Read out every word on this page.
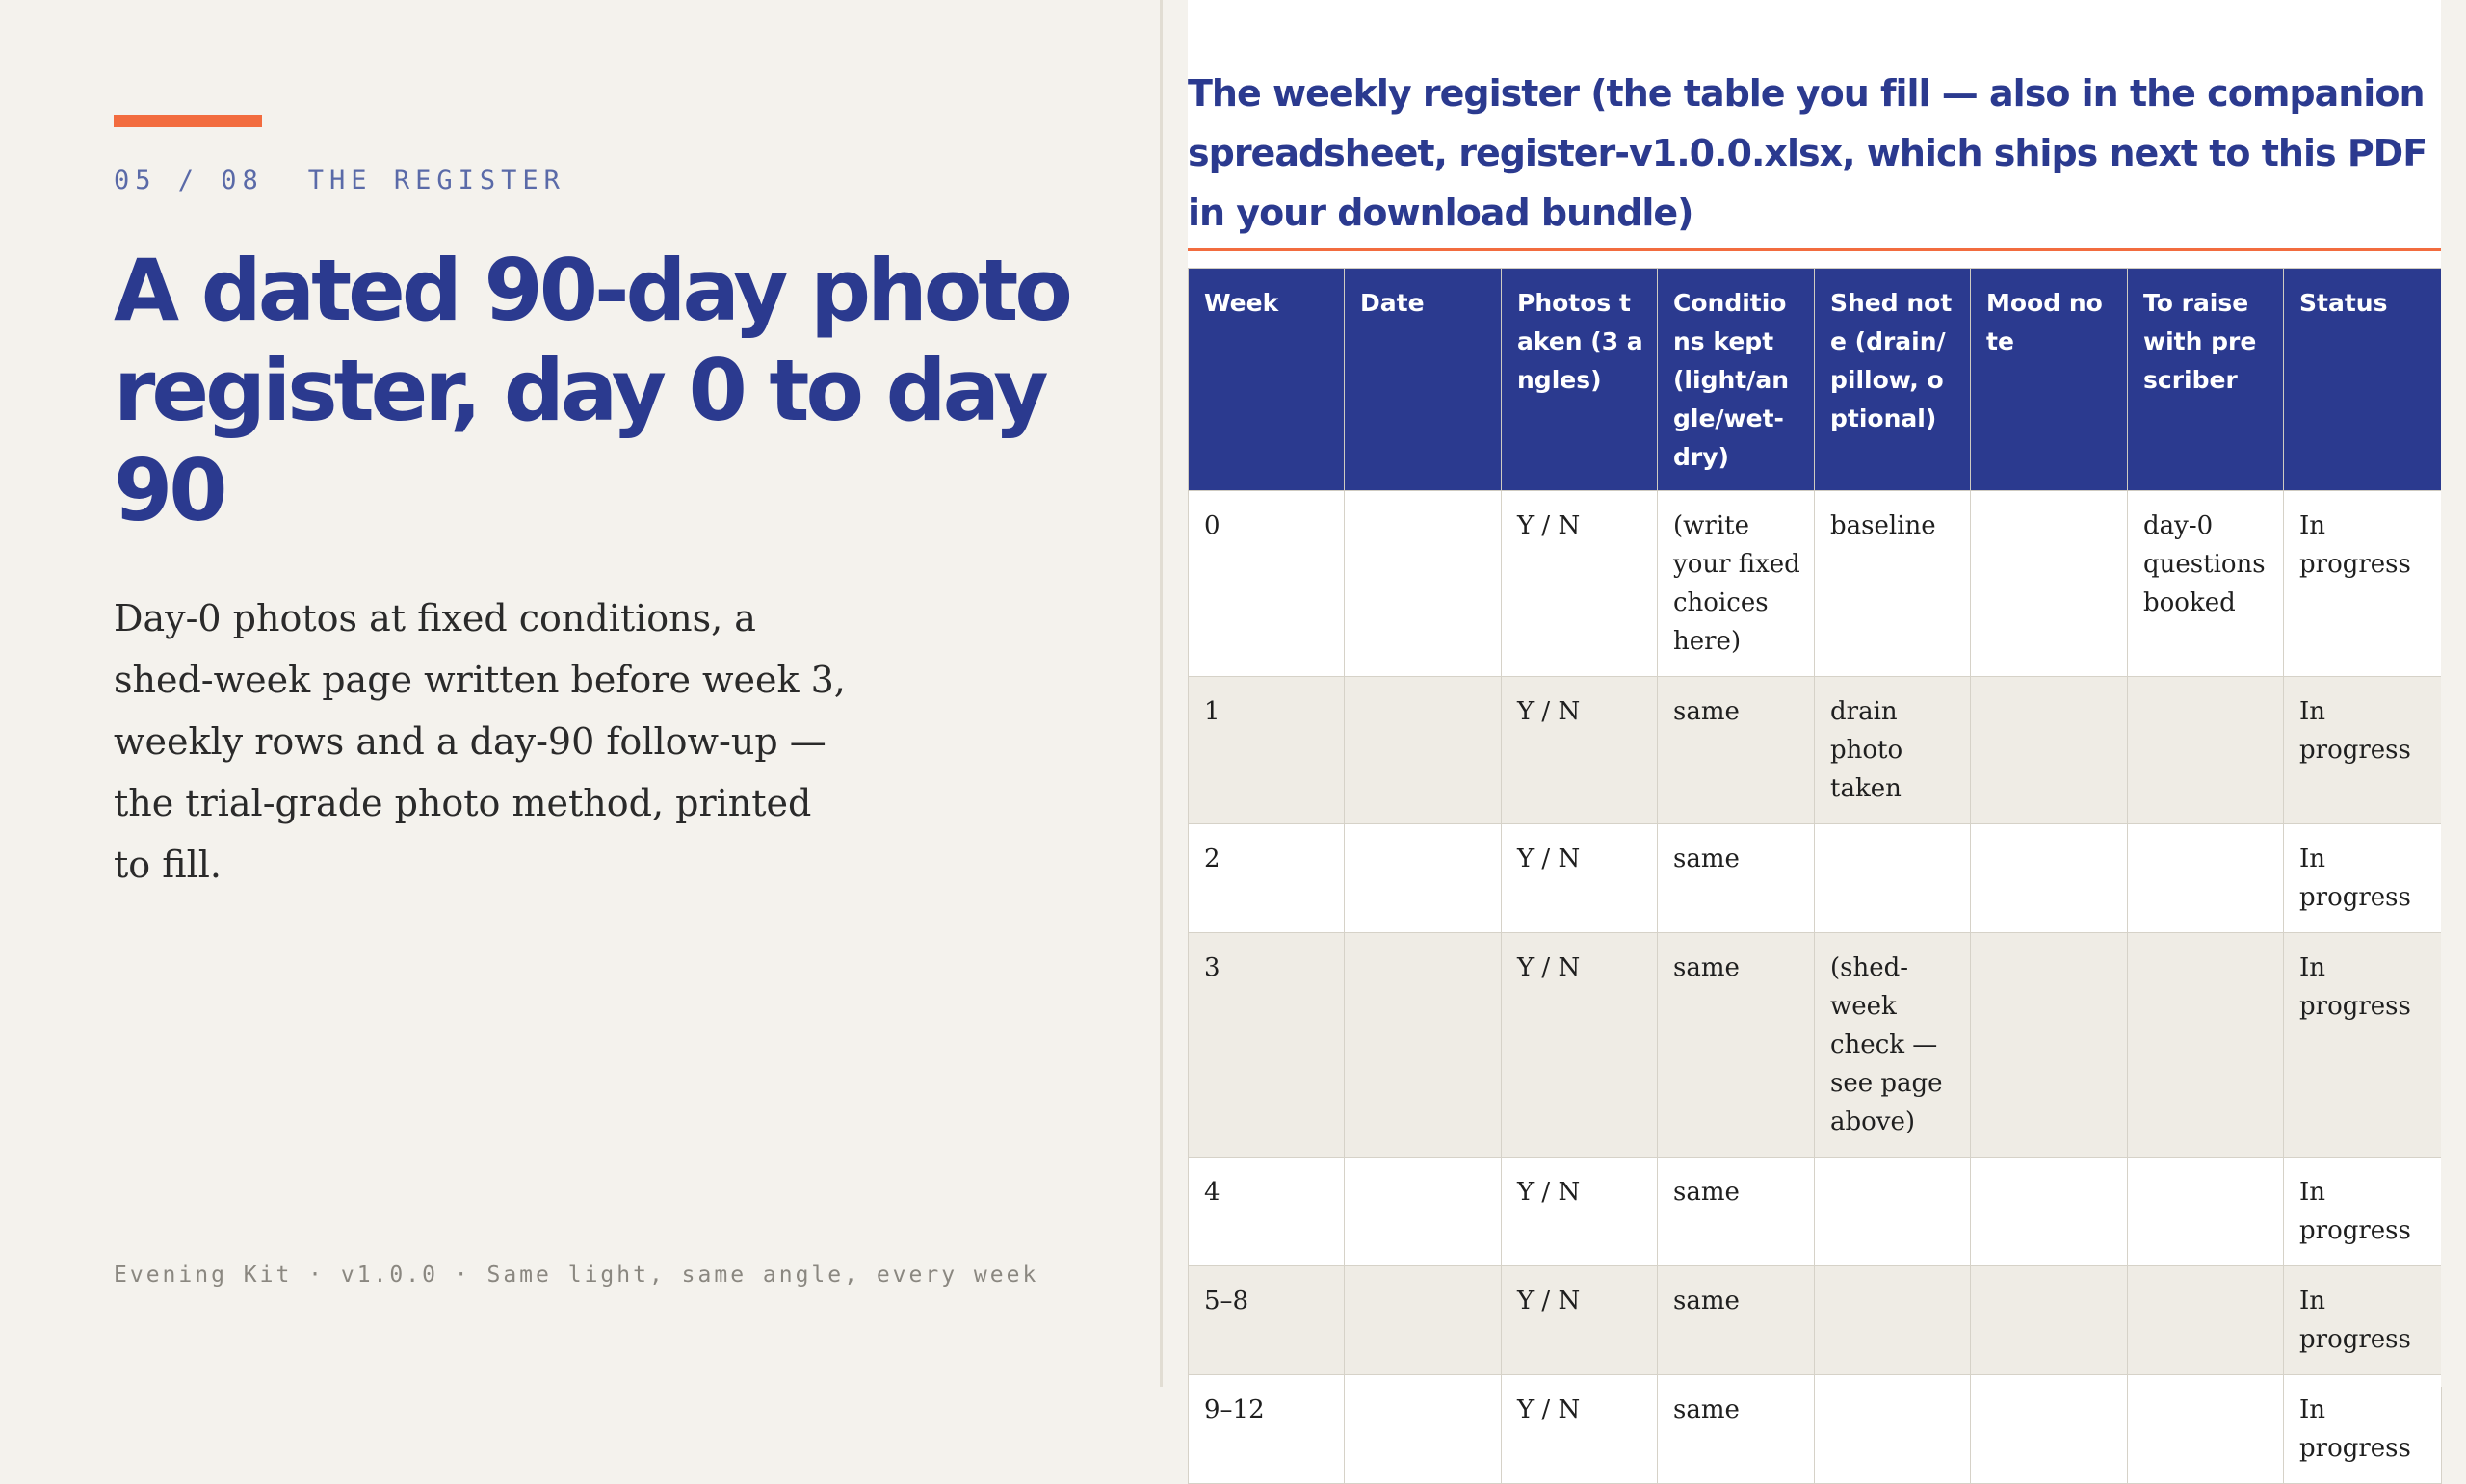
05 / 08 THE REGISTER
A dated 90-day photo register, day 0 to day 90

Day-0 photos at fixed conditions, a shed-week page written before week 3, weekly rows and a day-90 follow-up — the trial-grade photo method, printed to fill.

Evening Kit · v1.0.0 · Same light, same angle, every week
The weekly register (the table you fill — also in the companion spreadsheet, register-v1.0.0.xlsx, which ships next to this PDF in your download bundle)
Week	Date	Photos taken (3 angles)	Conditions kept (light/angle/wet-dry)	Shed note (drain/pillow, optional)	Mood note	To raise with prescriber	Status
0		Y / N	(write your fixed choices here)	baseline		day-0 questions booked	In progress
1		Y / N	same	drain photo taken			In progress
2		Y / N	same				In progress
3		Y / N	same	(shed-week check — see page above)			In progress
4		Y / N	same				In progress
5–8		Y / N	same				In progress
9–12		Y / N	same				In progress
